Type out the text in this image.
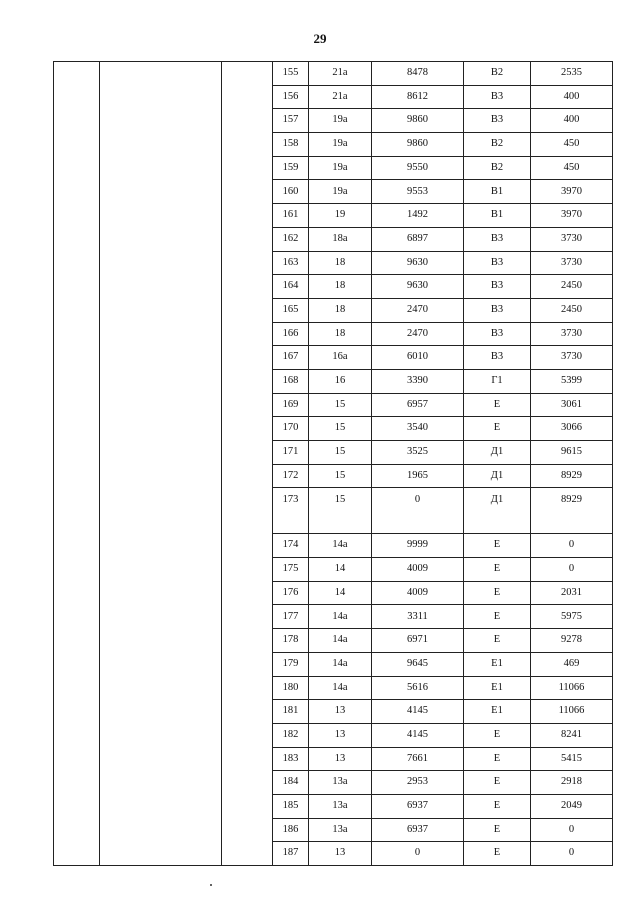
29
			155	21а	8478	В2	2535
			156	21а	8612	В3	400
			157	19а	9860	В3	400
			158	19а	9860	В2	450
			159	19а	9550	В2	450
			160	19а	9553	В1	3970
			161	19	1492	В1	3970
			162	18а	6897	В3	3730
			163	18	9630	В3	3730
			164	18	9630	В3	2450
			165	18	2470	В3	2450
			166	18	2470	В3	3730
			167	16а	6010	В3	3730
			168	16	3390	Г1	5399
			169	15	6957	Е	3061
			170	15	3540	Е	3066
			171	15	3525	Д1	9615
			172	15	1965	Д1	8929
			173	15	0	Д1	8929
			174	14а	9999	Е	0
			175	14	4009	Е	0
			176	14	4009	Е	2031
			177	14а	3311	Е	5975
			178	14а	6971	Е	9278
			179	14а	9645	Е1	469
			180	14а	5616	Е1	11066
			181	13	4145	Е1	11066
			182	13	4145	Е	8241
			183	13	7661	Е	5415
			184	13а	2953	Е	2918
			185	13а	6937	Е	2049
			186	13а	6937	Е	0
			187	13	0	Е	0
